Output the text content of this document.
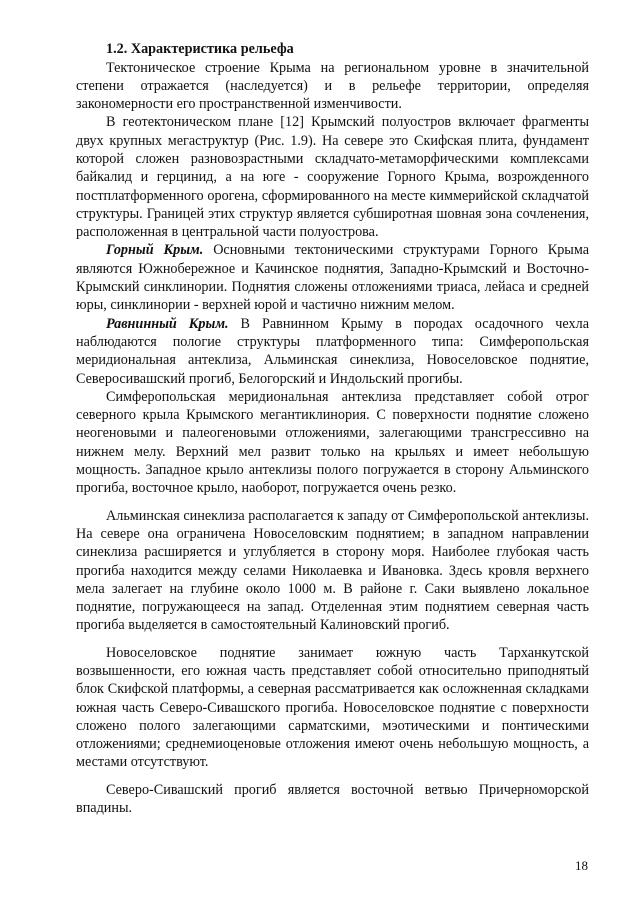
1.2. Характеристика рельефа

Тектоническое строение Крыма на региональном уровне в значительной степени отражается (наследуется) и в рельефе территории, определяя закономерности его пространственной изменчивости.

В геотектоническом плане [12] Крымский полуостров включает фрагменты двух крупных мегаструктур (Рис. 1.9). На севере это Скифская плита, фундамент которой сложен разновозрастными складчато-метаморфическими комплексами байкалид и герцинид, а на юге - сооружение Горного Крыма, возрожденного постплатформенного орогена, сформированного на месте киммерийской складчатой структуры. Границей этих структур является субширотная шовная зона сочленения, расположенная в центральной части полуострова.

Горный Крым. Основными тектоническими структурами Горного Крыма являются Южнобережное и Качинское поднятия, Западно-Крымский и Восточно-Крымский синклинории. Поднятия сложены отложениями триаса, лейаса и средней юры, синклинории - верхней юрой и частично нижним мелом.

Равнинный Крым. В Равнинном Крыму в породах осадочного чехла наблюдаются пологие структуры платформенного типа: Симферопольская меридиональная антеклиза, Альминская синеклиза, Новоселовское поднятие, Северосивашский прогиб, Белогорский и Индольский прогибы.

Симферопольская меридиональная антеклиза представляет собой отрог северного крыла Крымского мегантиклинория. С поверхности поднятие сложено неогеновыми и палеогеновыми отложениями, залегающими трансгрессивно на нижнем мелу. Верхний мел развит только на крыльях и имеет небольшую мощность. Западное крыло антеклизы полого погружается в сторону Альминского прогиба, восточное крыло, наоборот, погружается очень резко.

Альминская синеклиза располагается к западу от Симферопольской антеклизы. На севере она ограничена Новоселовским поднятием; в западном направлении синеклиза расширяется и углубляется в сторону моря. Наиболее глубокая часть прогиба находится между селами Николаевка и Ивановка. Здесь кровля верхнего мела залегает на глубине около 1000 м. В районе г. Саки выявлено локальное поднятие, погружающееся на запад. Отделенная этим поднятием северная часть прогиба выделяется в самостоятельный Калиновский прогиб.

Новоселовское поднятие занимает южную часть Тарханкутской возвышенности, его южная часть представляет собой относительно приподнятый блок Скифской платформы, а северная рассматривается как осложненная складками южная часть Северо-Сивашского прогиба. Новоселовское поднятие с поверхности сложено полого залегающими сарматскими, мэотическими и понтическими отложениями; среднемиоценовые отложения имеют очень небольшую мощность, а местами отсутствуют.

Северо-Сивашский прогиб является восточной ветвью Причерноморской впадины.

18
